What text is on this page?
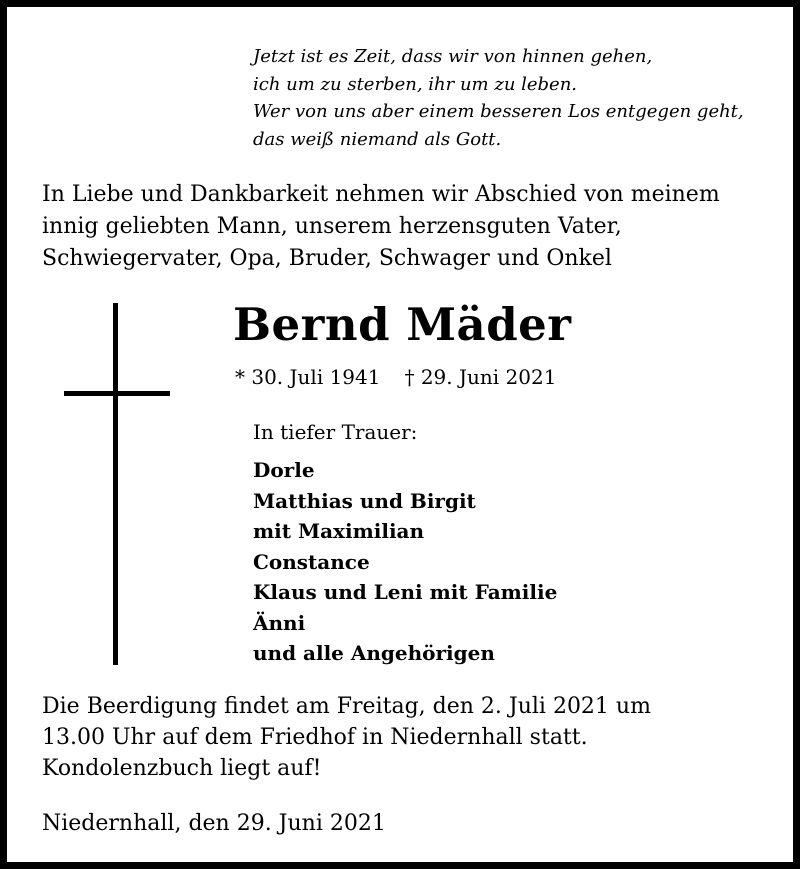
Jetzt ist es Zeit, dass wir von hinnen gehen,
ich um zu sterben, ihr um zu leben.
Wer von uns aber einem besseren Los entgegen geht,
das weiß niemand als Gott.
In Liebe und Dankbarkeit nehmen wir Abschied von meinem
innig geliebten Mann, unserem herzensguten Vater,
Schwiegervater, Opa, Bruder, Schwager und Onkel
Bernd Mäder
* 30. Juli 1941 † 29. Juni 2021
In tiefer Trauer:
Dorle
Matthias und Birgit
mit Maximilian
Constance
Klaus und Leni mit Familie
Änni
und alle Angehörigen
Die Beerdigung findet am Freitag, den 2. Juli 2021 um
13.00 Uhr auf dem Friedhof in Niedernhall statt.
Kondolenzbuch liegt auf!
Niedernhall, den 29. Juni 2021
